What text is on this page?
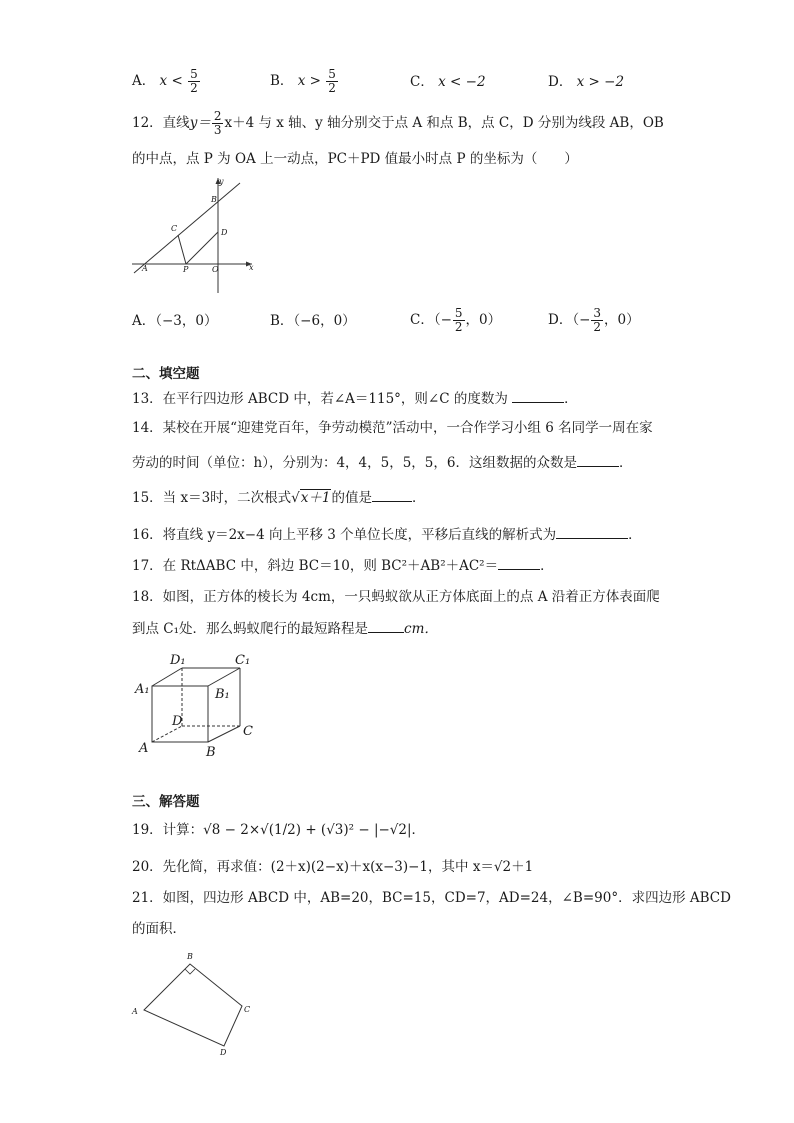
A． $x < \frac{5}{2}$	B． $x > \frac{5}{2}$	C． x < −2	D． x > −2
12．直线$y= \frac{2}{3} x+4$ 与 x 轴、y 轴分别交于点 A 和点 B，点 C，D 分别为线段 AB，OB
的中点，点 P 为 OA 上一动点，PC＋PD 值最小时点 P 的坐标为（　　）
y
x
B
C	D
A	P	O
A．（−3，0）	B．（−6，0）	C．（− $\frac{5}{2}$ ，0）	D．（− $\frac{3}{2}$ ，0）
二、填空题
13．在平行四边形 ABCD 中，若∠A＝115°，则∠C 的度数为	．
14．某校在开展“迎建党百年，争劳动模范”活动中，一合作学习小组 6 名同学一周在家
劳动的时间（单位：h），分别为：4，4，5，5，5，6．这组数据的众数是	．
15．当 x＝3时，二次根式√x＋1的值是	．
16．将直线 y＝2x−4 向上平移 3 个单位长度，平移后直线的解析式为	．
17．在 RtΔABC 中，斜边 BC＝10，则 BC²＋AB²＋AC²＝	．
18．如图，正方体的棱长为 4cm，一只蚂蚁欲从正方体底面上的点 A 沿着正方体表面爬
到点 C₁处．那么蚂蚁爬行的最短路程是	cm．
D₁	C₁
A₁	B₁
D
C
A	B
三、解答题
19．计算：√8 − 2×√(1/2) + (√3)² − |−√2|．
20．先化简，再求值：(2＋x)(2−x)＋x(x−3)−1，其中 x＝√2＋1
21．如图，四边形 ABCD 中，AB=20，BC=15，CD=7，AD=24，∠B=90°．求四边形 ABCD
的面积．
B
A	C
D
